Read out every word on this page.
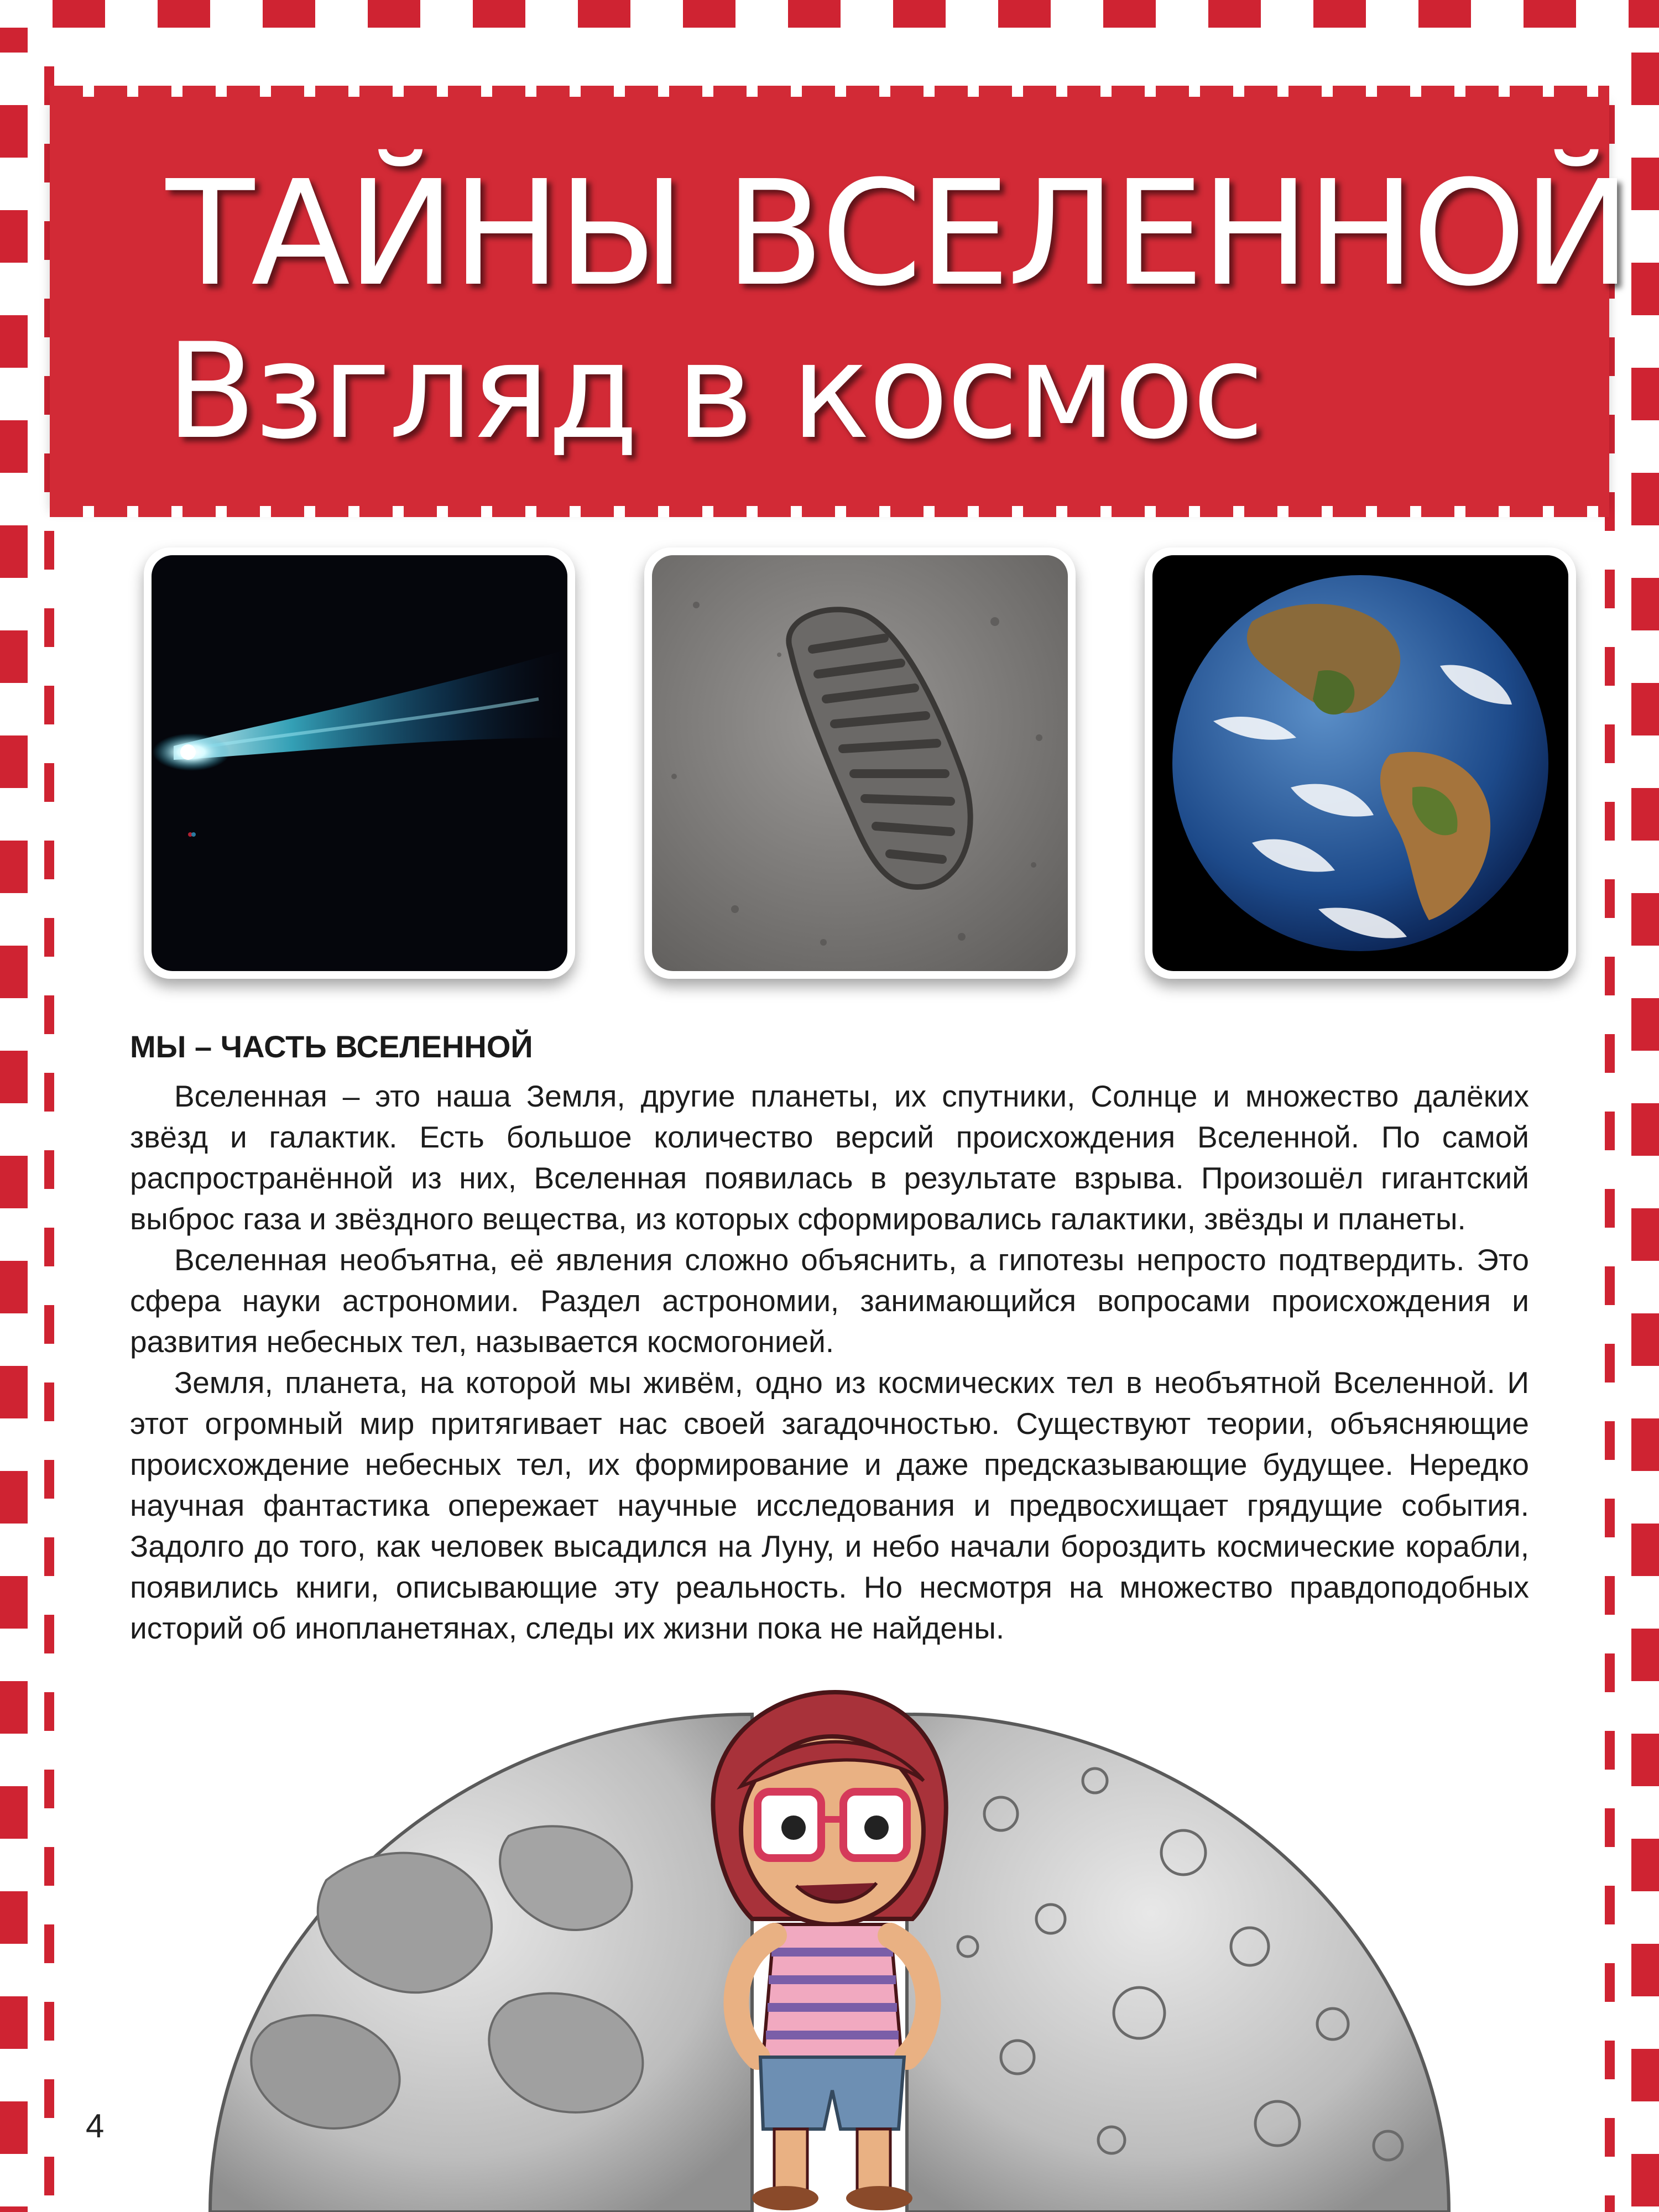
ТАЙНЫ ВСЕЛЕННОЙ
Взгляд в космос
МЫ – ЧАСТЬ ВСЕЛЕННОЙ

Вселенная – это наша Земля, другие планеты, их спутники, Солнце и множество далёких звёзд и галактик. Есть большое количество версий происхождения Вселенной. По самой распространённой из них, Вселенная появилась в результате взрыва. Произошёл гигантский выброс газа и звёздного вещества, из которых сформировались галактики, звёзды и планеты.

Вселенная необъятна, её явления сложно объяснить, а гипотезы непросто подтвердить. Это сфера науки астрономии. Раздел астрономии, занимающийся вопросами происхождения и развития небесных тел, называется космогонией.

Земля, планета, на которой мы живём, одно из космических тел в необъятной Вселенной. И этот огромный мир притягивает нас своей загадочностью. Существуют теории, объясняющие происхождение небесных тел, их формирование и даже предсказывающие будущее. Нередко научная фантастика опережает научные исследования и предвосхищает грядущие события. Задолго до того, как человек высадился на Луну, и небо начали бороздить космические корабли, появились книги, описывающие эту реальность. Но несмотря на множество правдоподобных историй об инопланетянах, следы их жизни пока не найдены.

4
